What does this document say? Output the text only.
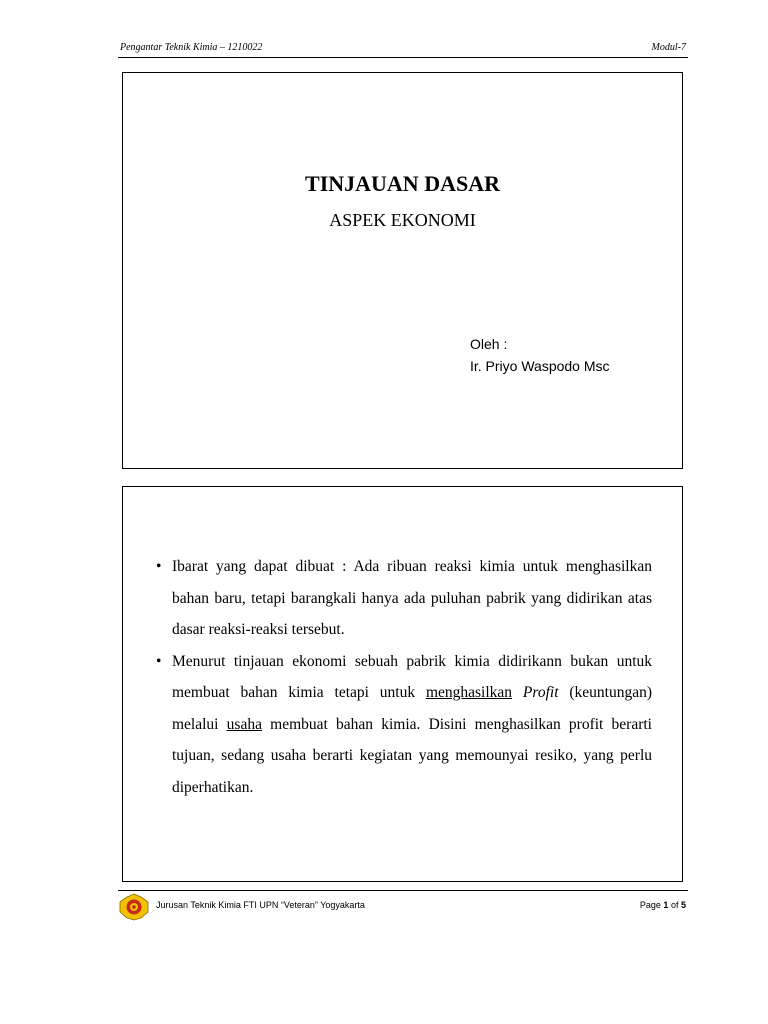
Pengantar Teknik Kimia – 1210022	Modul-7
TINJAUAN DASAR
ASPEK EKONOMI
Oleh :
Ir. Priyo Waspodo Msc
• Ibarat yang dapat dibuat : Ada ribuan reaksi kimia untuk menghasilkan bahan baru, tetapi barangkali hanya ada puluhan pabrik yang didirikan atas dasar reaksi-reaksi tersebut.
• Menurut tinjauan ekonomi sebuah pabrik kimia didirikann bukan untuk membuat bahan kimia tetapi untuk menghasilkan Profit (keuntungan) melalui usaha membuat bahan kimia. Disini menghasilkan profit berarti tujuan, sedang usaha berarti kegiatan yang memounyai resiko, yang perlu diperhatikan.
Jurusan Teknik Kimia FTI UPN “Veteran” Yogyakarta	Page 1 of 5
